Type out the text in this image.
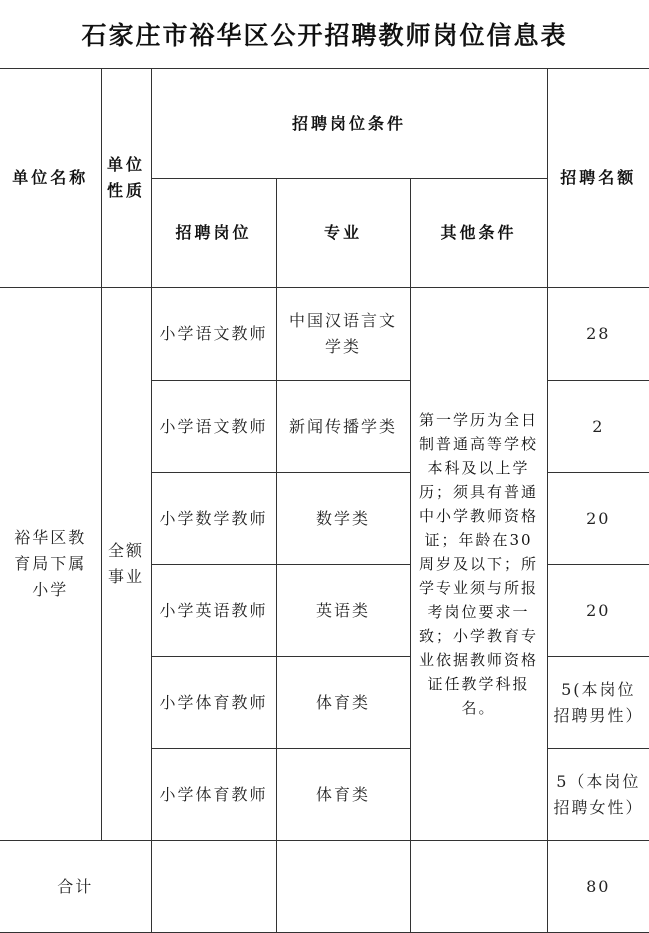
石家庄市裕华区公开招聘教师岗位信息表
单位名称	单位性质	招聘岗位条件			招聘名额
		招聘岗位	专业	其他条件	
裕华区教育局下属小学	全额事业	小学语文教师	中国汉语言文学类	第一学历为全日制普通高等学校本科及以上学历；须具有普通中小学教师资格证；年龄在30周岁及以下；所学专业须与所报考岗位要求一致；小学教育专业依据教师资格证任教学科报名。	28
		小学语文教师	新闻传播学类		2
		小学数学教师	数学类		20
		小学英语教师	英语类		20
		小学体育教师	体育类		5(本岗位招聘男性）
		小学体育教师	体育类		5（本岗位招聘女性）
合计					80
